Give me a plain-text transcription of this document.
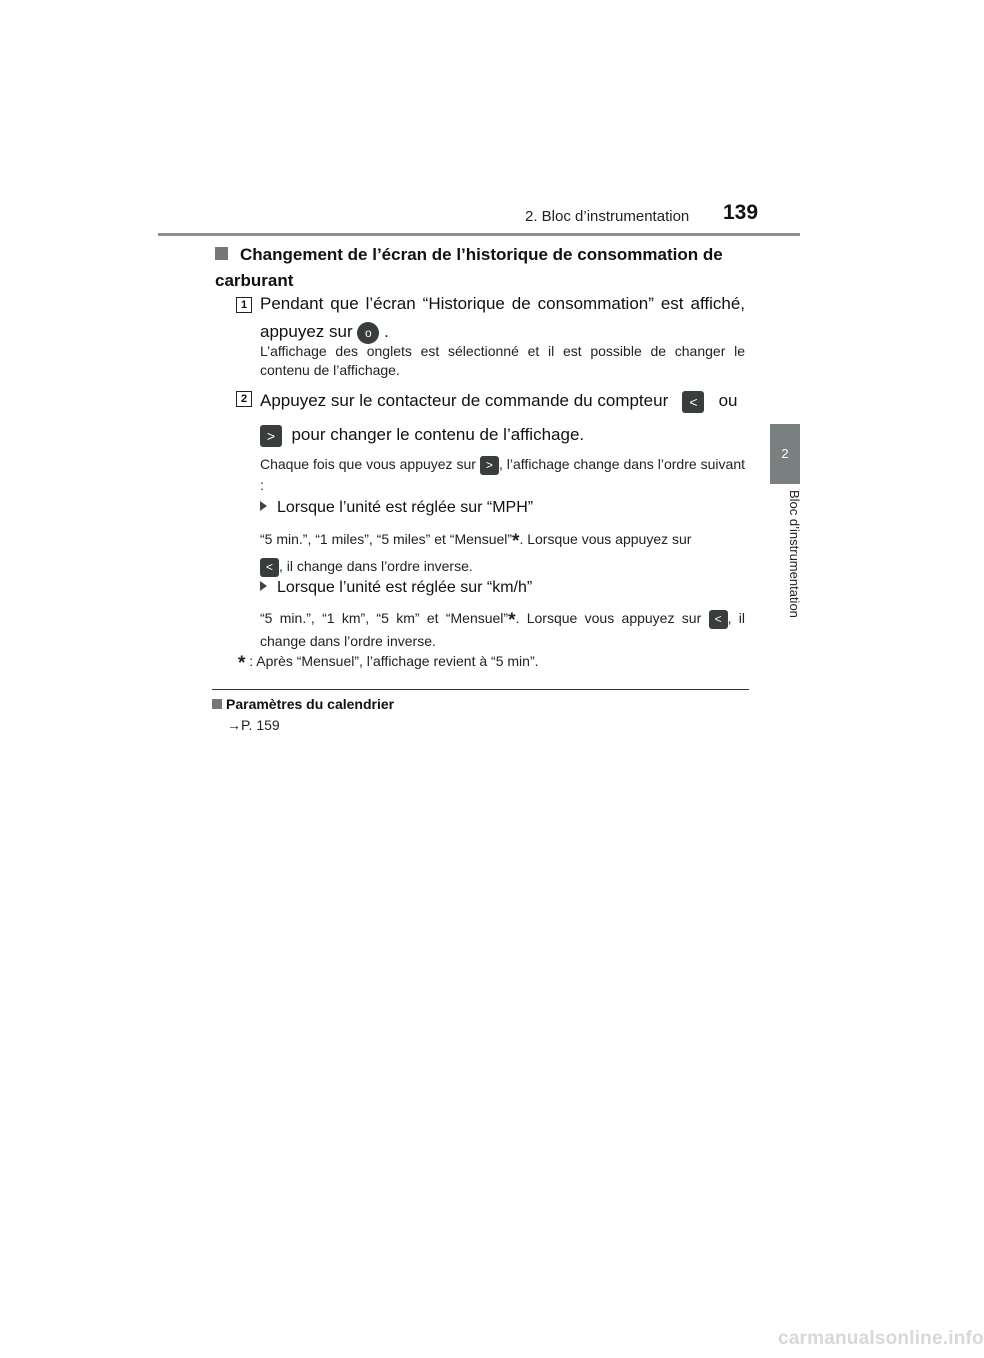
2. Bloc d’instrumentation 139
2
Bloc d’instrumentation
Changement de l’écran de l’historique de consommation de carburant
1 Pendant que l’écran “Historique de consommation” est affiché, appuyez sur o .
L’affichage des onglets est sélectionné et il est possible de changer le contenu de l’affichage.
2 Appuyez sur le contacteur de commande du compteur < ou
> pour changer le contenu de l’affichage.
Chaque fois que vous appuyez sur > , l’affichage change dans l’ordre suivant :
Lorsque l’unité est réglée sur “MPH”
“5 min.”, “1 miles”, “5 miles” et “Mensuel”*. Lorsque vous appuyez sur
< , il change dans l’ordre inverse.
Lorsque l’unité est réglée sur “km/h”
“5 min.”, “1 km”, “5 km” et “Mensuel”*. Lorsque vous appuyez sur < , il change dans l’ordre inverse.
* : Après “Mensuel”, l’affichage revient à “5 min”.
Paramètres du calendrier
→P. 159
carmanualsonline.info
